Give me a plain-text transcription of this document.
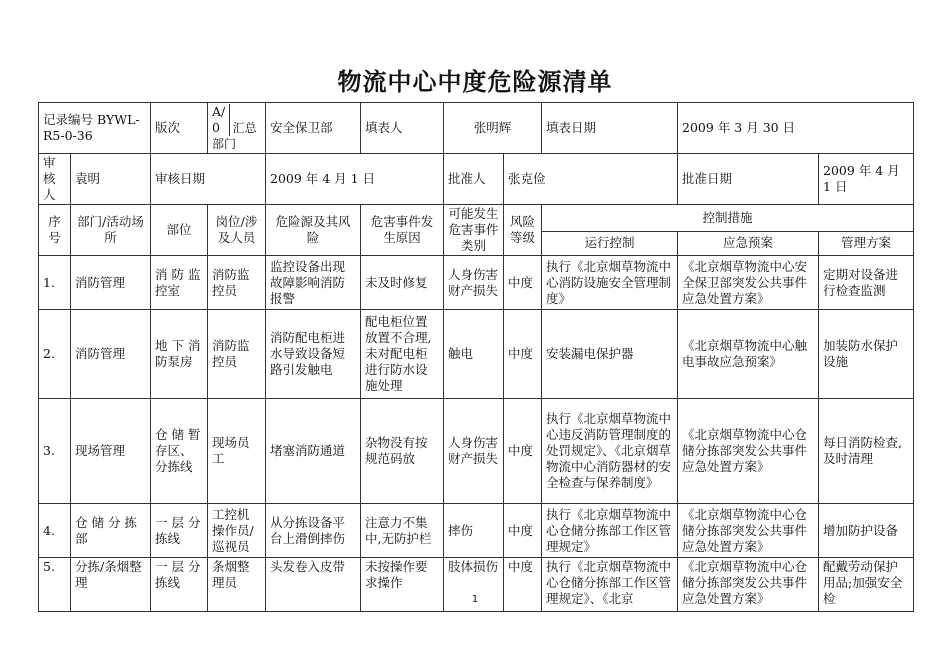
物流中心中度危险源清单
记录编号 BYWL-R5-0-36		版次	A/0 汇总部门	安全保卫部	填表人	张明辉		填表日期	2009 年 3 月 30 日	
审核人	袁明	审核日期		2009 年 4 月 1 日		批准人	张克俭		批准日期	2009 年 4 月 1 日
序号	部门/活动场所	部位	岗位/涉及人员	危险源及其风险	危害事件发生原因	可能发生危害事件类别	风险等级	控制措施		
								运行控制	应急预案	管理方案
1.	消防管理	消 防 监控室	消防监控员	监控设备出现故障影响消防报警	未及时修复	人身伤害财产损失	中度	执行《北京烟草物流中心消防设施安全管理制度》	《北京烟草物流中心安全保卫部突发公共事件应急处置方案》	定期对设备进行检查监测
2.	消防管理	地 下 消防泵房	消防监控员	消防配电柜进水导致设备短路引发触电	配电柜位置放置不合理,未对配电柜进行防水设施处理	触电	中度	安装漏电保护器	《北京烟草物流中心触电事故应急预案》	加装防水保护设施
3.	现场管理	仓 储 暂存区、分拣线	现场员工	堵塞消防通道	杂物没有按规范码放	人身伤害财产损失	中度	执行《北京烟草物流中心违反消防管理制度的处罚规定》、《北京烟草物流中心消防器材的安全检查与保养制度》	《北京烟草物流中心仓储分拣部突发公共事件应急处置方案》	每日消防检查,及时清理
4.	仓 储 分 拣部	一 层 分拣线	工控机操作员/巡视员	从分拣设备平台上滑倒摔伤	注意力不集中,无防护栏	摔伤	中度	执行《北京烟草物流中心仓储分拣部工作区管理规定》	《北京烟草物流中心仓储分拣部突发公共事件应急处置方案》	增加防护设备
5.	分拣/条烟整理	一 层 分拣线	条烟整理员	头发卷入皮带	未按操作要求操作	肢体损伤	中度	执行《北京烟草物流中心仓储分拣部工作区管理规定》、《北京	《北京烟草物流中心仓储分拣部突发公共事件应急处置方案》	配戴劳动保护用品;加强安全检
1
